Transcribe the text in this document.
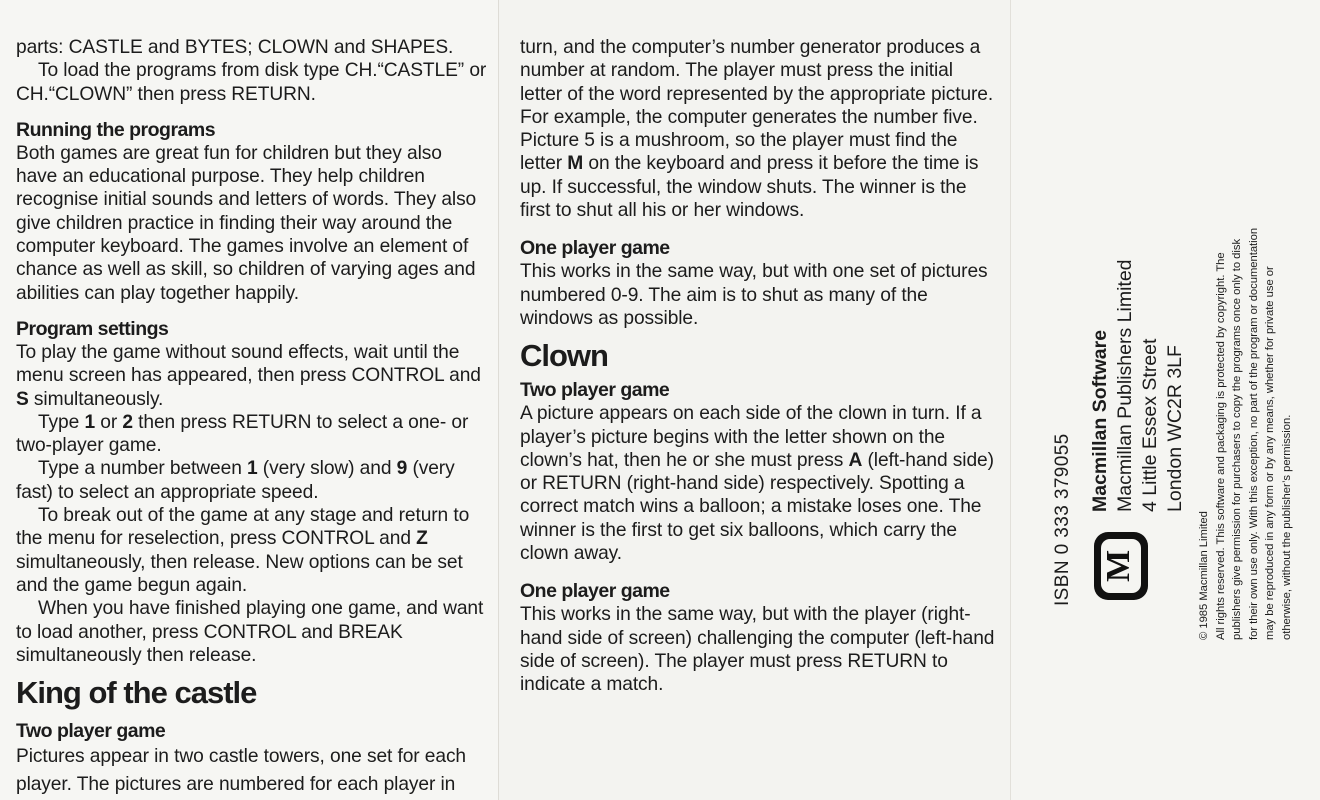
parts: CASTLE and BYTES; CLOWN and SHAPES.

To load the programs from disk type CH.“CASTLE” or CH.“CLOWN” then press RETURN.

Running the programs

Both games are great fun for children but they also have an educational purpose. They help children recognise initial sounds and letters of words. They also give children practice in finding their way around the computer keyboard. The games involve an element of chance as well as skill, so children of varying ages and abilities can play together happily.

Program settings

To play the game without sound effects, wait until the menu screen has appeared, then press CONTROL and S simultaneously.

Type 1 or 2 then press RETURN to select a one- or two-player game.

Type a number between 1 (very slow) and 9 (very fast) to select an appropriate speed.

To break out of the game at any stage and return to the menu for reselection, press CONTROL and Z simultaneously, then release. New options can be set and the game begun again.

When you have finished playing one game, and want to load another, press CONTROL and BREAK simultaneously then release.

King of the castle
Two player game

Pictures appear in two castle towers, one set for each player. The pictures are numbered for each player in

turn, and the computer’s number generator produces a number at random. The player must press the initial letter of the word represented by the appropriate picture. For example, the computer generates the number five. Picture 5 is a mushroom, so the player must find the letter M on the keyboard and press it before the time is up. If successful, the window shuts. The winner is the first to shut all his or her windows.

One player game

This works in the same way, but with one set of pictures numbered 0-9. The aim is to shut as many of the windows as possible.

Clown
Two player game

A picture appears on each side of the clown in turn. If a player’s picture begins with the letter shown on the clown’s hat, then he or she must press A (left-hand side) or RETURN (right-hand side) respectively. Spotting a correct match wins a balloon; a mistake loses one. The winner is the first to get six balloons, which carry the clown away.

One player game

This works in the same way, but with the player (right-hand side of screen) challenging the computer (left-hand side of screen). The player must press RETURN to indicate a match.

ISBN 0 333 379055
Macmillan Software Macmillan Publishers Limited 4 Little Essex Street London WC2R 3LF
M	© 1985 Macmillan Limited All rights reserved. This software and packaging is protected by copyright. The publishers give permission for purchasers to copy the programs once only to disk for their own use only. With this exception, no part of the program or documentation may be reproduced in any form or by any means, whether for private use or otherwise, without the publisher’s permission.
